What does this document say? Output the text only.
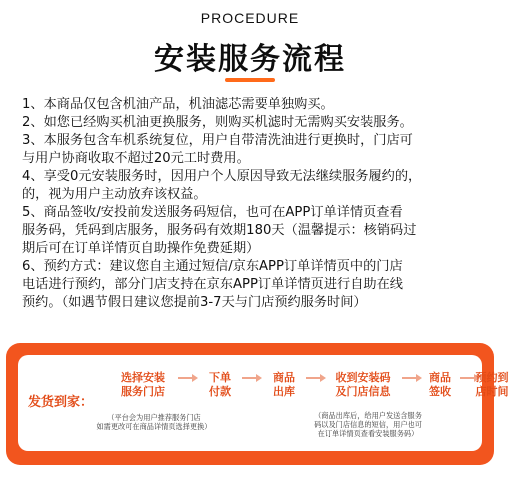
PROCEDURE
安装服务流程

1、本商品仅包含机油产品，机油滤芯需要单独购买。

2、如您已经购买机油更换服务，则购买机滤时无需购买安装服务。

3、本服务包含车机系统复位，用户自带清洗油进行更换时，门店可

与用户协商收取不超过20元工时费用。

4、享受0元安装服务时，因用户个人原因导致无法继续服务履约的，

的，视为用户主动放弃该权益。

5、商品签收/安投前发送服务码短信，也可在APP订单详情页查看

服务码，凭码到店服务，服务码有效期180天（温馨提示：核销码过

期后可在订单详情页自助操作免费延期）

6、预约方式：建议您自主通过短信/京东APP订单详情页中的门店

电话进行预约，部分门店支持在京东APP订单详情页进行自助在线

预约。（如遇节假日建议您提前3-7天与门店预约服务时间）

发货到家：
选择安装
服务门店
下单
付款
商品
出库
收到安装码
及门店信息
商品
签收
预约到
店时间
（平台会为用户推荐服务门店
如需更改可在商品详情页选择更换）
（商品出库后，给用户发送含服务
码以及门店信息的短信，用户也可
在订单详情页查看安装服务码）
